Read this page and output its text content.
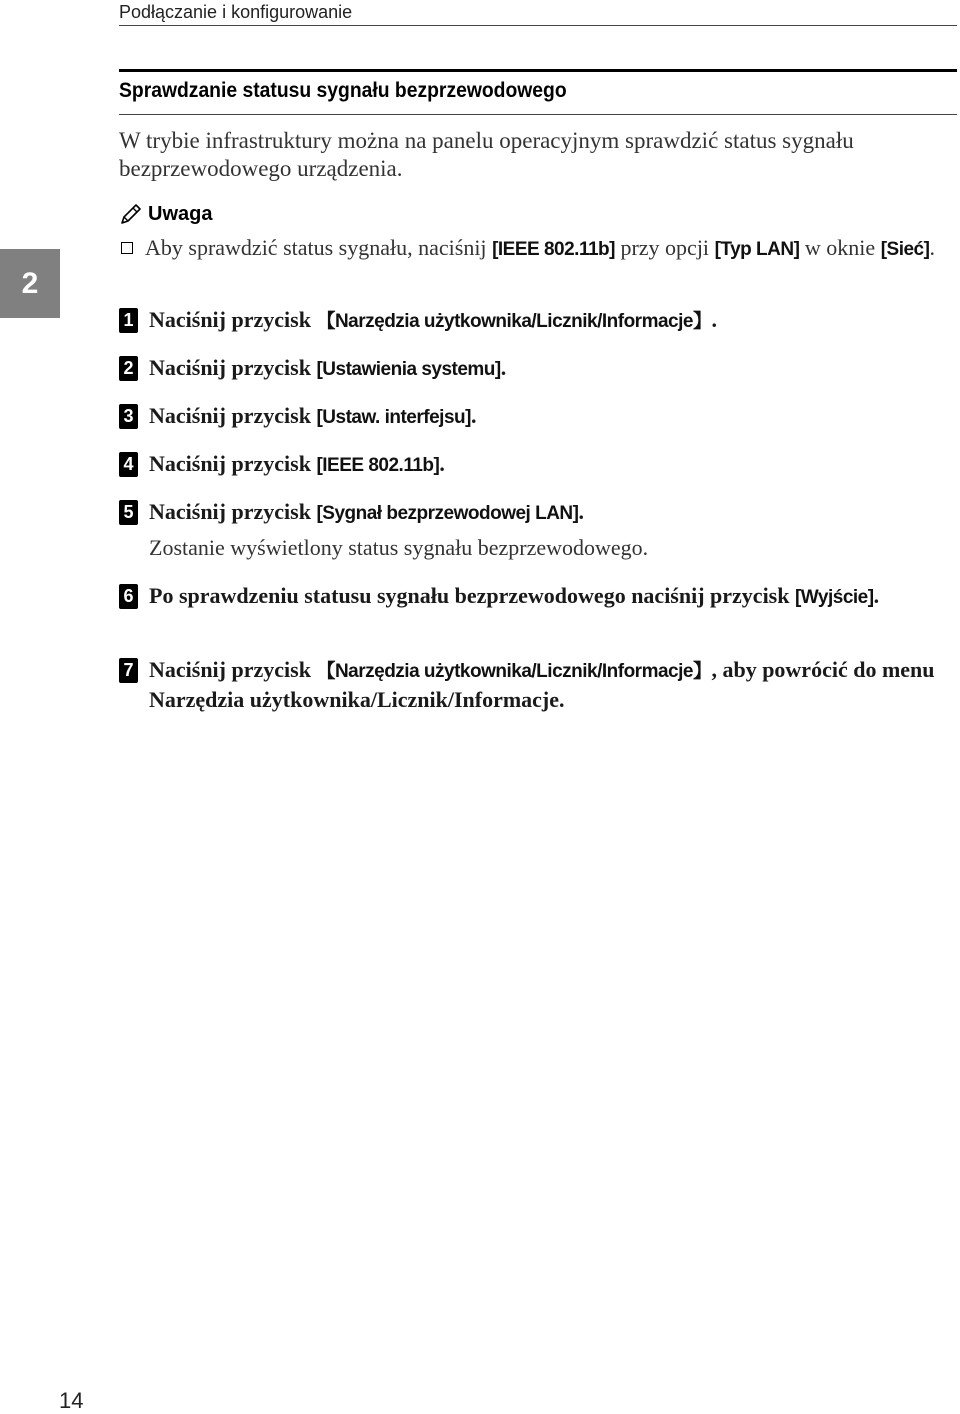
Podłączanie i konfigurowanie
2
Sprawdzanie statusu sygnału bezprzewodowego
W trybie infrastruktury można na panelu operacyjnym sprawdzić status sygnału bezprzewodowego urządzenia.
Uwaga
Aby sprawdzić status sygnału, naciśnij [IEEE 802.11b] przy opcji [Typ LAN] w oknie [Sieć].
1 Naciśnij przycisk 【Narzędzia użytkownika/Licznik/Informacje】.
2 Naciśnij przycisk [Ustawienia systemu].
3 Naciśnij przycisk [Ustaw. interfejsu].
4 Naciśnij przycisk [IEEE 802.11b].
5 Naciśnij przycisk [Sygnał bezprzewodowej LAN].
Zostanie wyświetlony status sygnału bezprzewodowego.
6 Po sprawdzeniu statusu sygnału bezprzewodowego naciśnij przycisk [Wyjście].
7 Naciśnij przycisk 【Narzędzia użytkownika/Licznik/Informacje】, aby powrócić do menu Narzędzia użytkownika/Licznik/Informacje.
14
